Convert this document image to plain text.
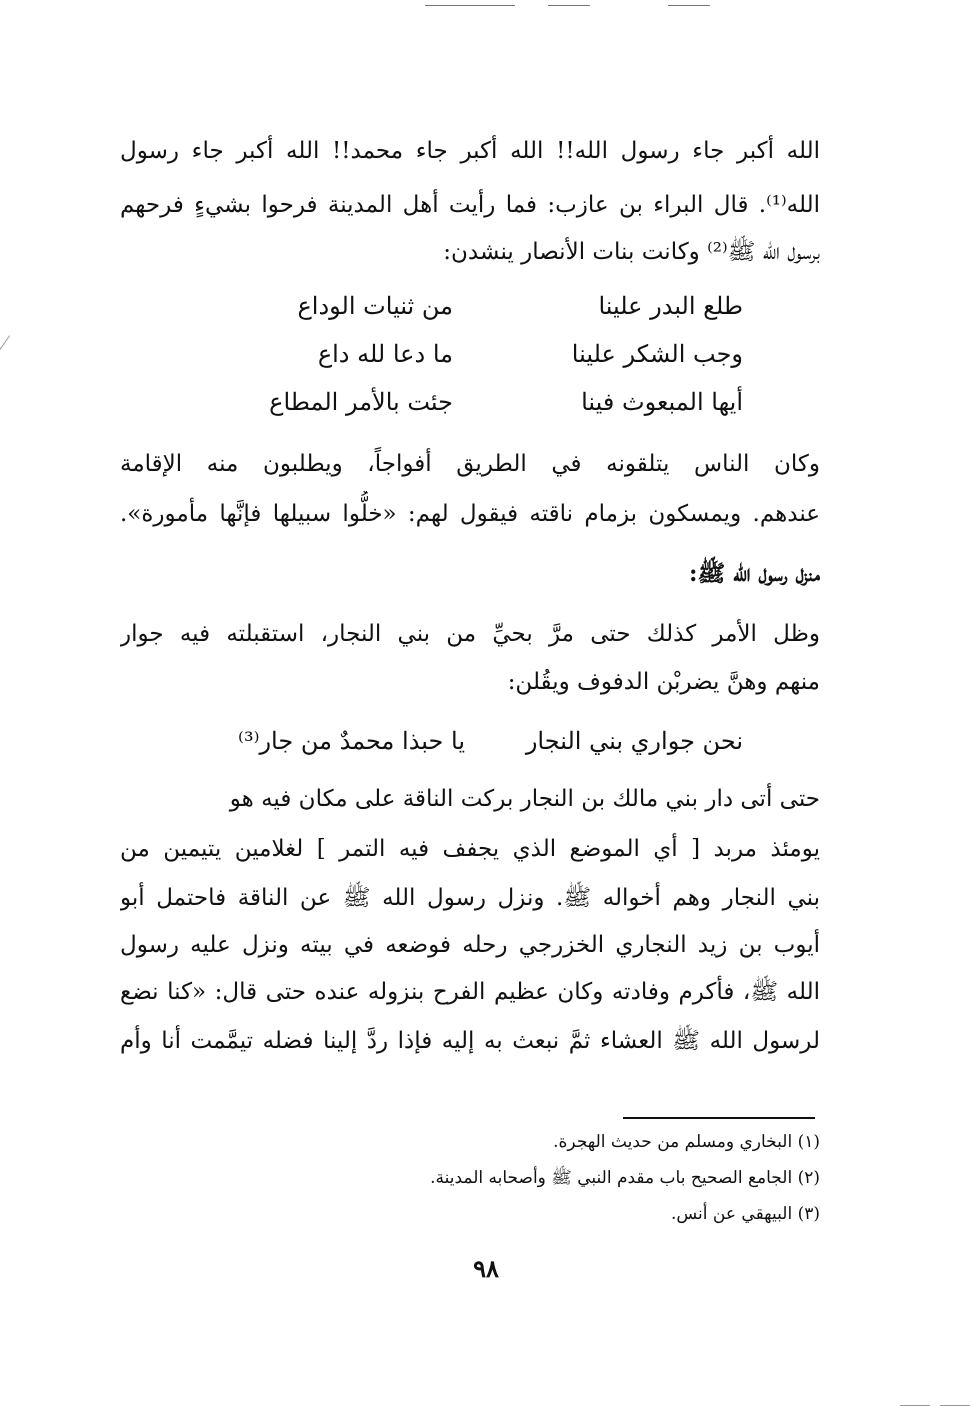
الله أكبر جاء رسول الله!! الله أكبر جاء محمد!! الله أكبر جاء رسول
الله⁽¹⁾. قال البراء بن عازب: فما رأيت أهل المدينة فرحوا بشيءٍ فرحهم
برسول الله ﷺ⁽²⁾ وكانت بنات الأنصار ينشدن:
طلع البدر علينا
من ثنيات الوداع
وجب الشكر علينا
ما دعا لله داع
أيها المبعوث فينا
جئت بالأمر المطاع
وكان الناس يتلقونه في الطريق أفواجاً، ويطلبون منه الإقامة
عندهم. ويمسكون بزمام ناقته فيقول لهم: «خلُّوا سبيلها فإنَّها مأمورة».
منزل رسول الله ﷺ:
وظل الأمر كذلك حتى مرَّ بحيِّ من بني النجار، استقبلته فيه جوار
منهم وهنَّ يضربْن الدفوف ويقُلن:
نحن جواري بني النجار
يا حبذا محمدٌ من جار⁽³⁾
حتى أتى دار بني مالك بن النجار بركت الناقة على مكان فيه هو
يومئذ مربد [ أي الموضع الذي يجفف فيه التمر ] لغلامين يتيمين من
بني النجار وهم أخواله ﷺ. ونزل رسول الله ﷺ عن الناقة فاحتمل أبو
أيوب بن زيد النجاري الخزرجي رحله فوضعه في بيته ونزل عليه رسول
الله ﷺ، فأكرم وفادته وكان عظيم الفرح بنزوله عنده حتى قال: «كنا نضع
لرسول الله ﷺ العشاء ثمَّ نبعث به إليه فإذا ردَّ إلينا فضله تيمَّمت أنا وأم
(١) البخاري ومسلم من حديث الهجرة.
(٢) الجامع الصحيح باب مقدم النبي ﷺ وأصحابه المدينة.
(٣) البيهقي عن أنس.
٩٨
